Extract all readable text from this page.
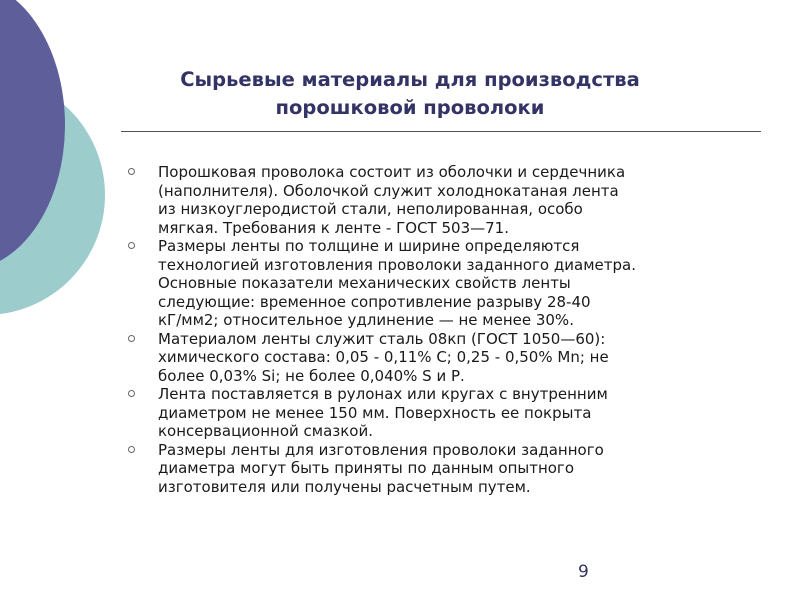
Сырьевые материалы для производства
порошковой проволоки
Порошковая проволока состоит из оболочки и сердечника
(наполнителя). Оболочкой служит холоднокатаная лента
из низкоуглеродистой стали, неполированная, особо
мягкая. Требования к ленте - ГОСТ 503—71.
Размеры ленты по толщине и ширине определяются
технологией изготовления проволоки заданного диаметра.
Основные показатели механических свойств ленты
следующие: временное сопротивление разрыву 28-40
кГ/мм2; относительное удлинение — не менее 30%.
Материалом ленты служит сталь 08кп (ГОСТ 1050—60):
химического состава: 0,05 - 0,11% С; 0,25 - 0,50% Mn; не
более 0,03% Si; не более 0,040% S и Р.
Лента поставляется в рулонах или кругах с внутренним
диаметром не менее 150 мм. Поверхность ее покрыта
консервационной смазкой.
Размеры ленты для изготовления проволоки заданного
диаметра могут быть приняты по данным опытного
изготовителя или получены расчетным путем.
9
